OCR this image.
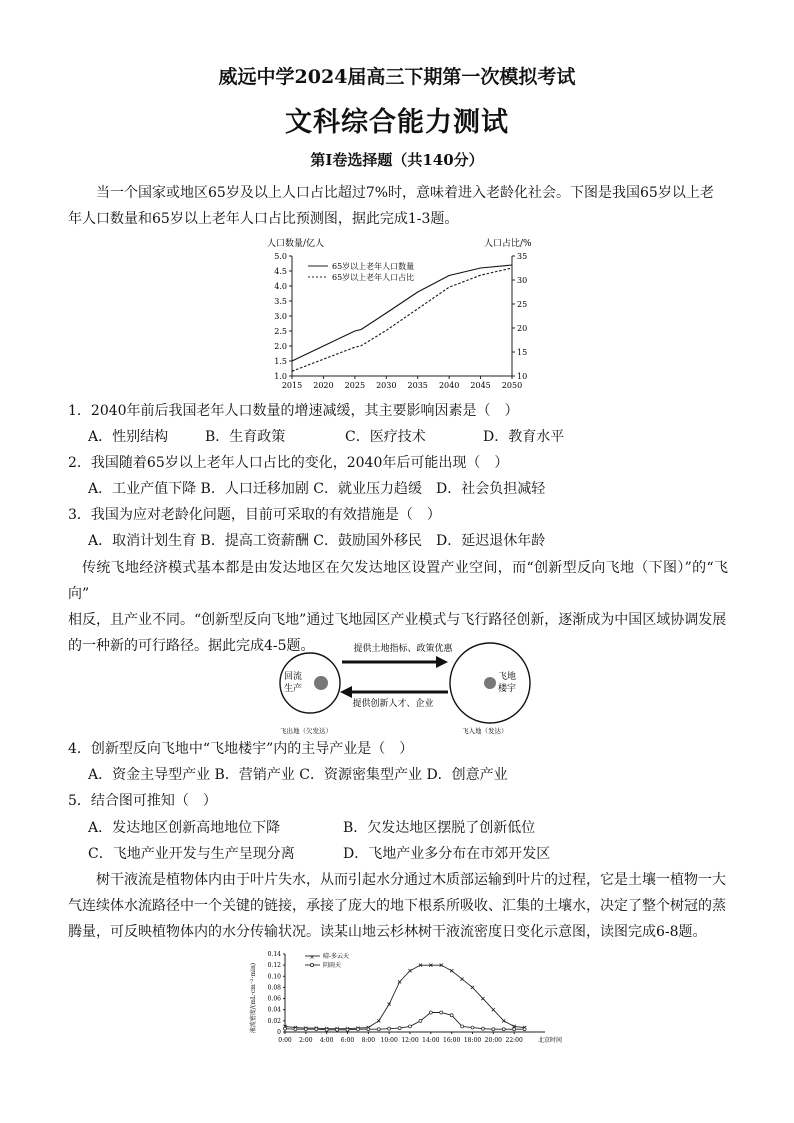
威远中学2024届高三下期第一次模拟考试
文科综合能力测试
第Ⅰ卷选择题（共140分）
当一个国家或地区65岁及以上人口占比超过7%时，意味着进入老龄化社会。下图是我国65岁以上老
年人口数量和65岁以上老年人口占比预测图，据此完成1-3题。
人口数量/亿人	人口占比/%
1.0
1.5
2.0
2.5
3.0
3.5
4.0
4.5
5.0
10
15
20
25
30
35
2015 2020 2025 2030 2035 2040 2045 2050
65岁以上老年人口数量
65岁以上老年人口占比
1．2040年前后我国老年人口数量的增速减缓，其主要影响因素是（　）
A．性别结构	B．生育政策	C．医疗技术	D．教育水平
2．我国随着65岁以上老年人口占比的变化，2040年后可能出现（　）
A．工业产值下降 B．人口迁移加剧 C．就业压力趋缓　D．社会负担减轻
3．我国为应对老龄化问题，目前可采取的有效措施是（　）
A．取消计划生育 B．提高工资薪酬 C．鼓励国外移民　D．延迟退休年龄
传统飞地经济模式基本都是由发达地区在欠发达地区设置产业空间，而“创新型反向飞地（下图）”的“飞向”
相反，且产业不同。“创新型反向飞地”通过飞地园区产业模式与飞行路径创新，逐渐成为中国区域协调发展
的一种新的可行路径。据此完成4-5题。
回流
生产
飞地
楼宇
提供土地指标、政策优惠
提供创新人才、企业
飞出地（欠发达）	飞入地（发达）
4．创新型反向飞地中“飞地楼宇”内的主导产业是（　）
A．资金主导型产业 B．营销产业 C．资源密集型产业 D．创意产业
5．结合图可推知（　）
A．发达地区创新高地地位下降	B．欠发达地区摆脱了创新低位
C．飞地产业开发与生产呈现分离	D．飞地产业多分布在市郊开发区
树干液流是植物体内由于叶片失水，从而引起水分通过木质部运输到叶片的过程，它是土壤一植物一大
气连续体水流路径中一个关键的链接，承接了庞大的地下根系所吸收、汇集的土壤水，决定了整个树冠的蒸
腾量，可反映植物体内的水分传输状况。读某山地云杉林树干液流密度日变化示意图，读图完成6-8题。
液流密度/(mL·cm⁻²·min)	0
0.02
0.04
0.06
0.08
0.10
0.12
0.14
0:00 2:00 4:00 6:00 8:00 10:00 12:00 14:00 16:00 18:00 20:00 22:00	北京时间
× 晴-多云天
阴雨天
